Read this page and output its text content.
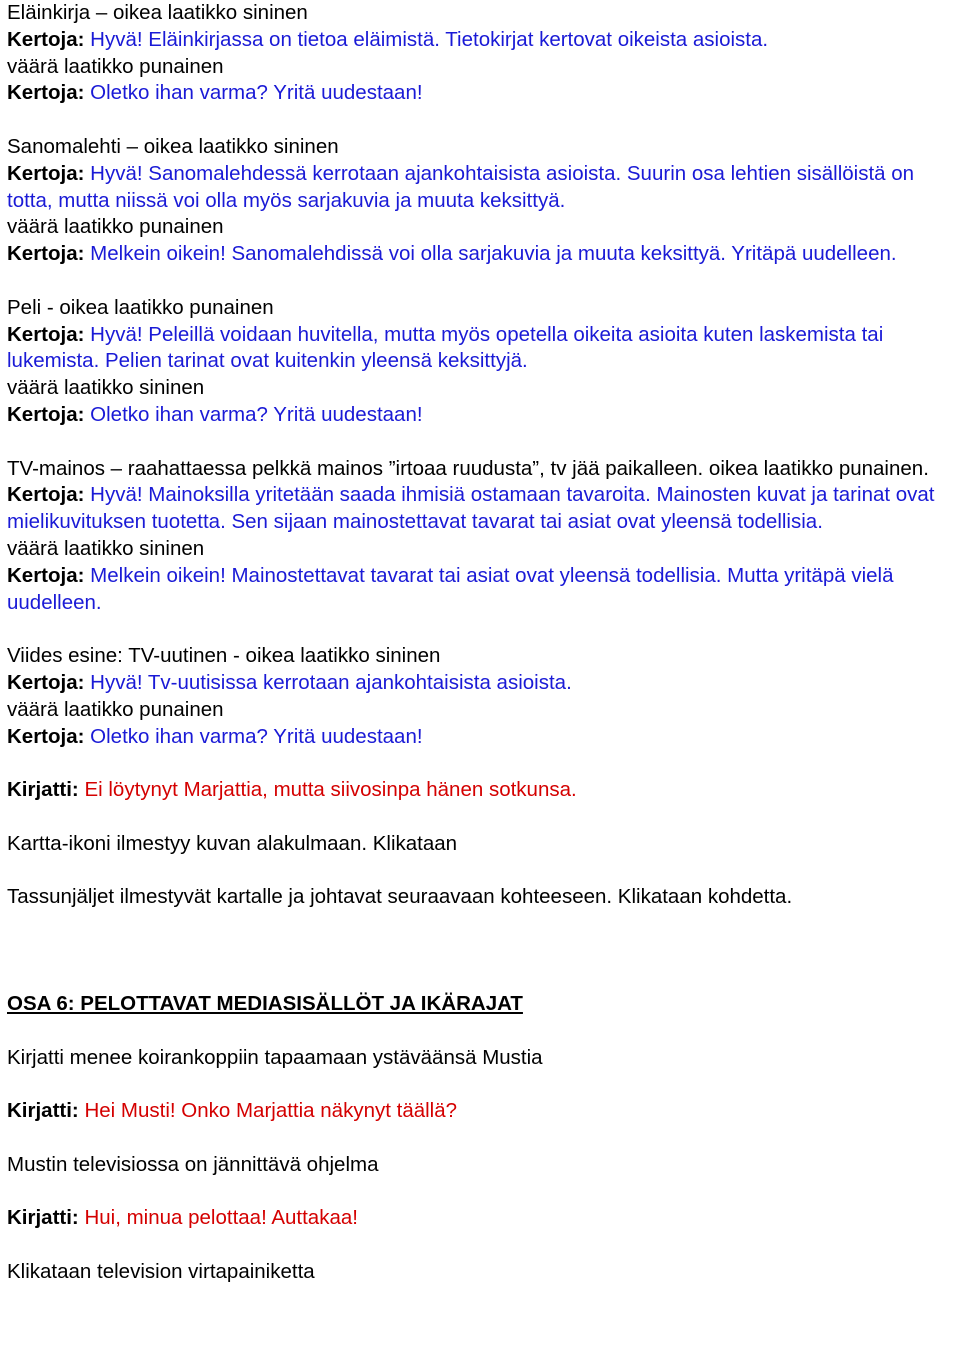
Eläinkirja – oikea laatikko sininen

Kertoja: Hyvä! Eläinkirjassa on tietoa eläimistä. Tietokirjat kertovat oikeista asioista.

väärä laatikko punainen

Kertoja: Oletko ihan varma? Yritä uudestaan!

Sanomalehti – oikea laatikko sininen

Kertoja: Hyvä! Sanomalehdessä kerrotaan ajankohtaisista asioista. Suurin osa lehtien sisällöistä on totta, mutta niissä voi olla myös sarjakuvia ja muuta keksittyä.

väärä laatikko punainen

Kertoja: Melkein oikein! Sanomalehdissä voi olla sarjakuvia ja muuta keksittyä. Yritäpä uudelleen.

Peli - oikea laatikko punainen

Kertoja: Hyvä! Peleillä voidaan huvitella, mutta myös opetella oikeita asioita kuten laskemista tai lukemista. Pelien tarinat ovat kuitenkin yleensä keksittyjä.

väärä laatikko sininen

Kertoja: Oletko ihan varma? Yritä uudestaan!

TV-mainos – raahattaessa pelkkä mainos ”irtoaa ruudusta”, tv jää paikalleen. oikea laatikko punainen.

Kertoja: Hyvä! Mainoksilla yritetään saada ihmisiä ostamaan tavaroita. Mainosten kuvat ja tarinat ovat mielikuvituksen tuotetta. Sen sijaan mainostettavat tavarat tai asiat ovat yleensä todellisia.

väärä laatikko sininen

Kertoja: Melkein oikein! Mainostettavat tavarat tai asiat ovat yleensä todellisia. Mutta yritäpä vielä uudelleen.

Viides esine: TV-uutinen - oikea laatikko sininen

Kertoja: Hyvä! Tv-uutisissa kerrotaan ajankohtaisista asioista.

väärä laatikko punainen

Kertoja: Oletko ihan varma? Yritä uudestaan!

Kirjatti: Ei löytynyt Marjattia, mutta siivosinpa hänen sotkunsa.

Kartta-ikoni ilmestyy kuvan alakulmaan. Klikataan

Tassunjäljet ilmestyvät kartalle ja johtavat seuraavaan kohteeseen. Klikataan kohdetta.

OSA 6: PELOTTAVAT MEDIASISÄLLÖT JA IKÄRAJAT

Kirjatti menee koirankoppiin tapaamaan ystäväänsä Mustia

Kirjatti: Hei Musti! Onko Marjattia näkynyt täällä?

Mustin televisiossa on jännittävä ohjelma

Kirjatti: Hui, minua pelottaa! Auttakaa!

Klikataan television virtapainiketta
